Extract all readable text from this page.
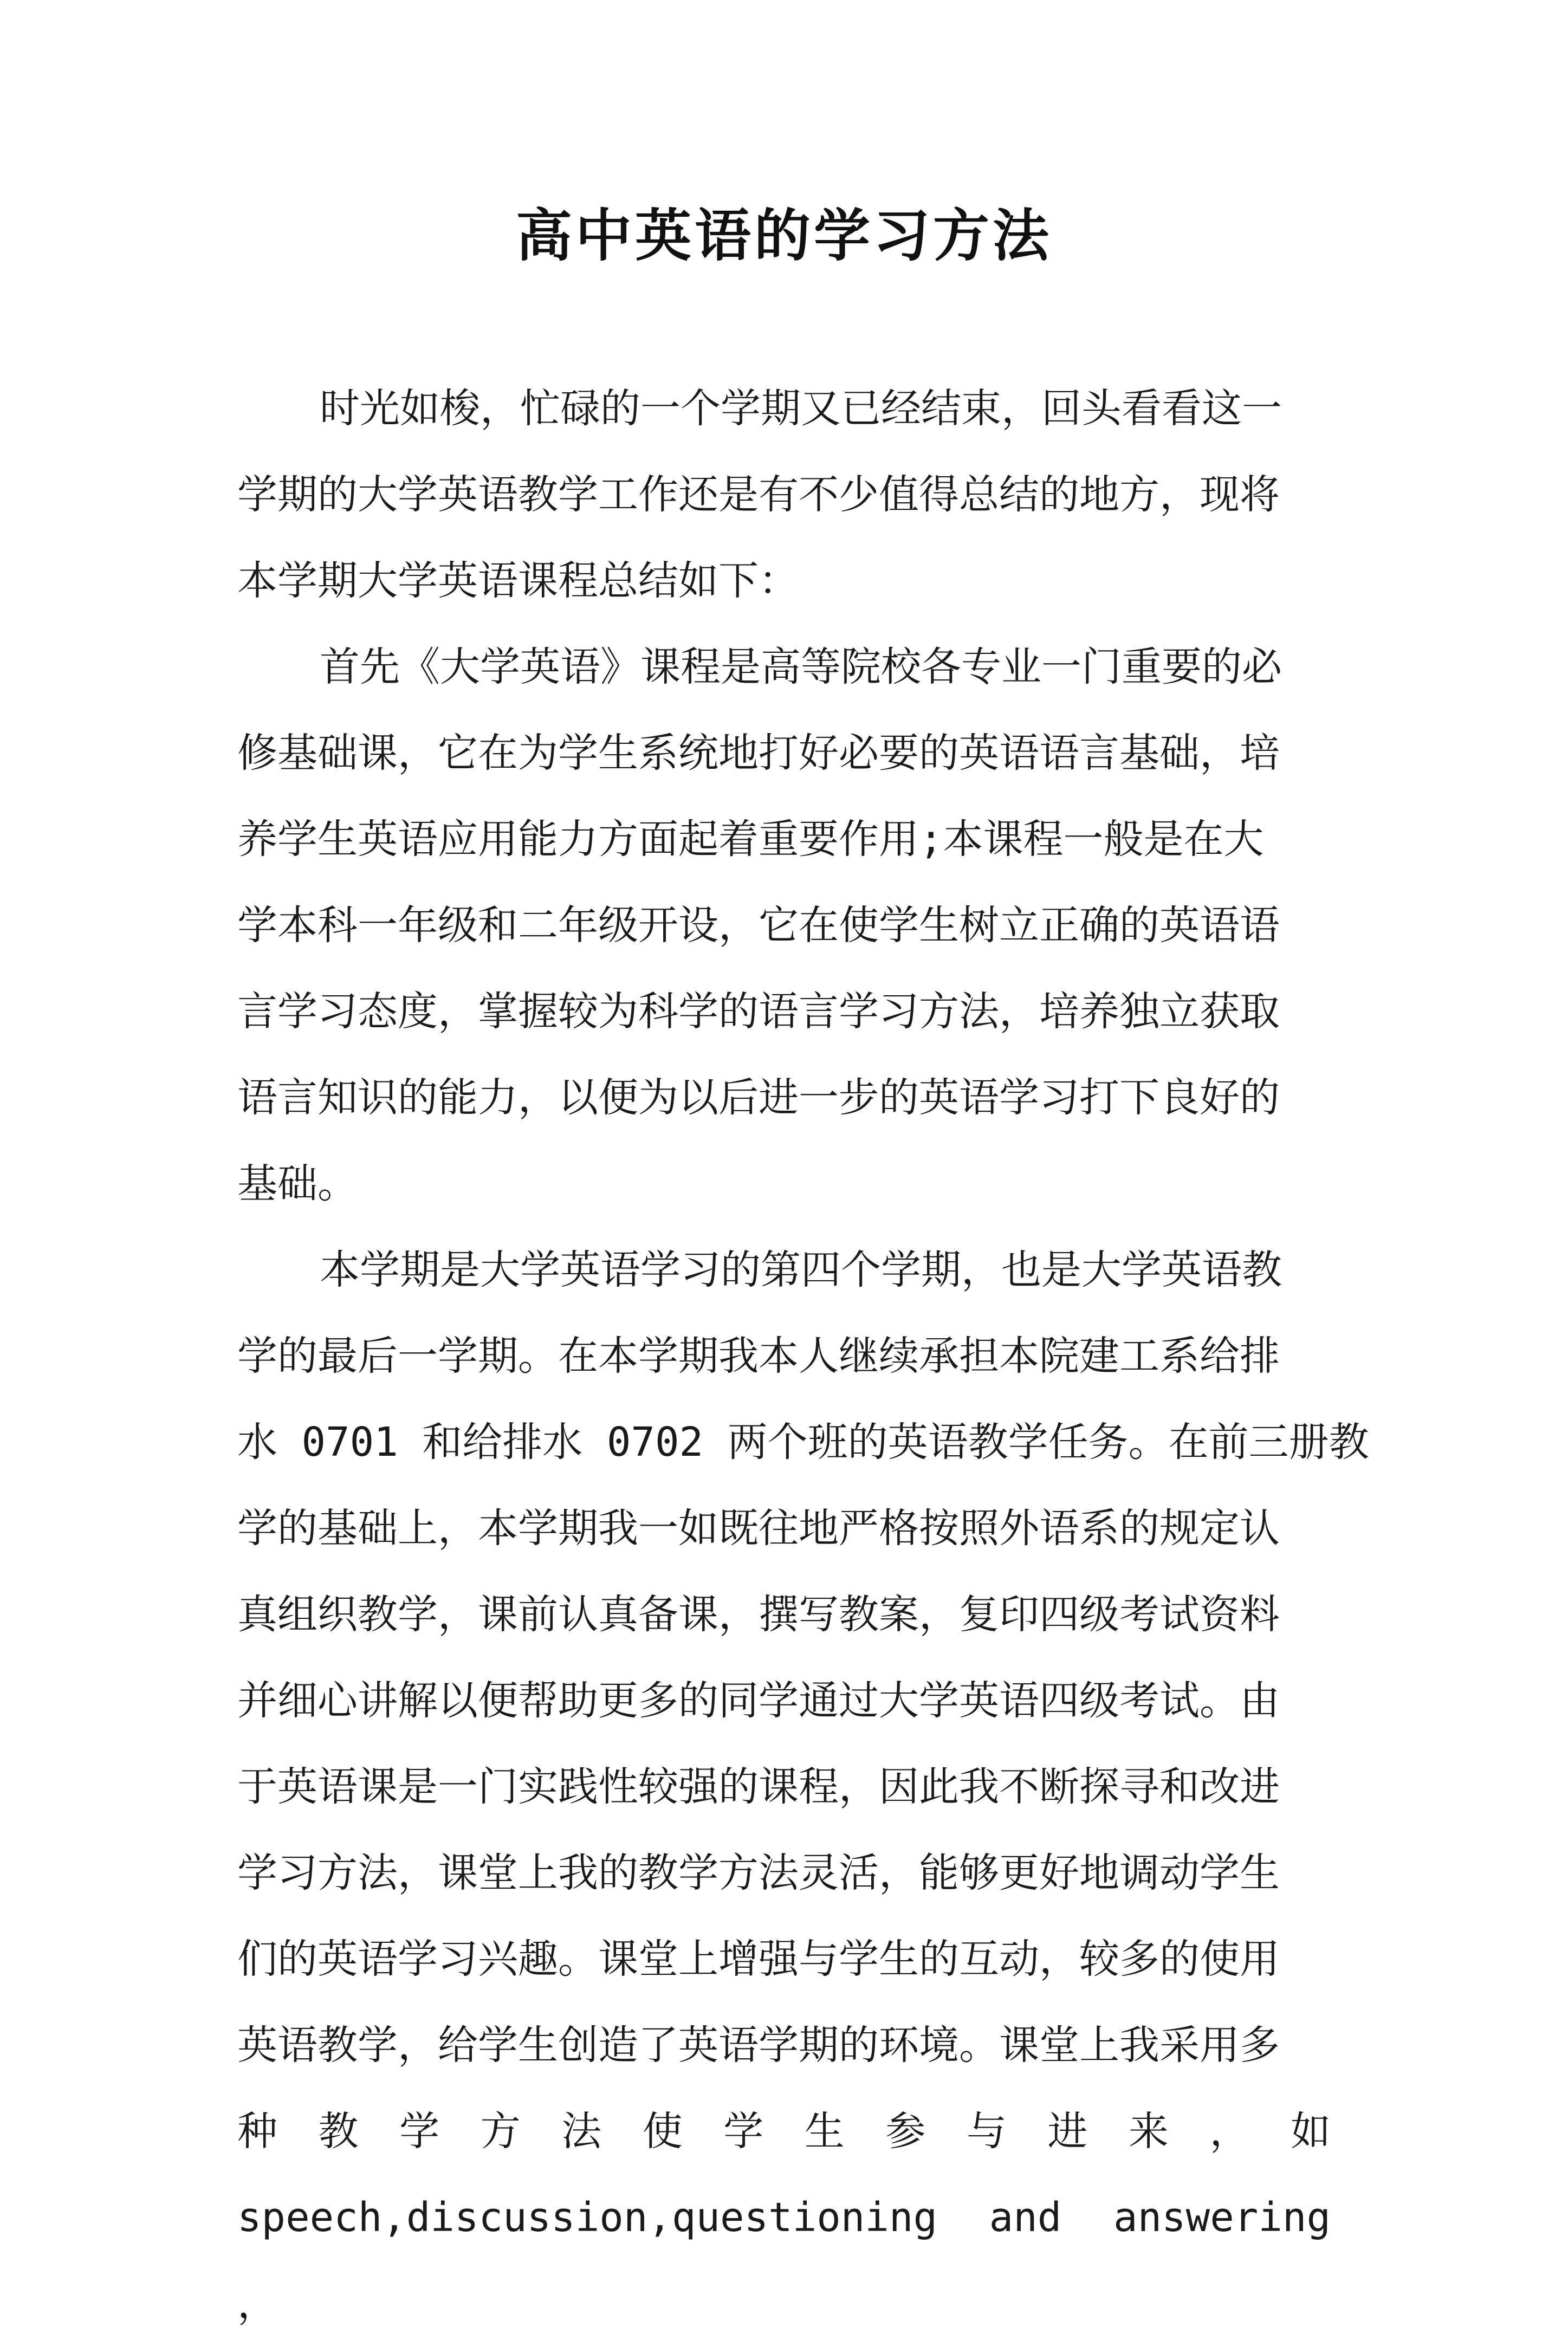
高中英语的学习方法
时光如梭，忙碌的一个学期又已经结束，回头看看这一
学期的大学英语教学工作还是有不少值得总结的地方，现将
本学期大学英语课程总结如下：
首先《大学英语》课程是高等院校各专业一门重要的必
修基础课，它在为学生系统地打好必要的英语语言基础，培
养学生英语应用能力方面起着重要作用;本课程一般是在大
学本科一年级和二年级开设，它在使学生树立正确的英语语
言学习态度，掌握较为科学的语言学习方法，培养独立获取
语言知识的能力，以便为以后进一步的英语学习打下良好的
基础。
本学期是大学英语学习的第四个学期，也是大学英语教
学的最后一学期。在本学期我本人继续承担本院建工系给排
水 0701 和给排水 0702 两个班的英语教学任务。在前三册教
学的基础上，本学期我一如既往地严格按照外语系的规定认
真组织教学，课前认真备课，撰写教案，复印四级考试资料
并细心讲解以便帮助更多的同学通过大学英语四级考试。由
于英语课是一门实践性较强的课程，因此我不断探寻和改进
学习方法，课堂上我的教学方法灵活，能够更好地调动学生
们的英语学习兴趣。课堂上增强与学生的互动，较多的使用
英语教学，给学生创造了英语学期的环境。课堂上我采用多
种 教 学 方 法 使 学 生 参 与 进 来 ， 如
speech,discussion,questioning and answering ，
